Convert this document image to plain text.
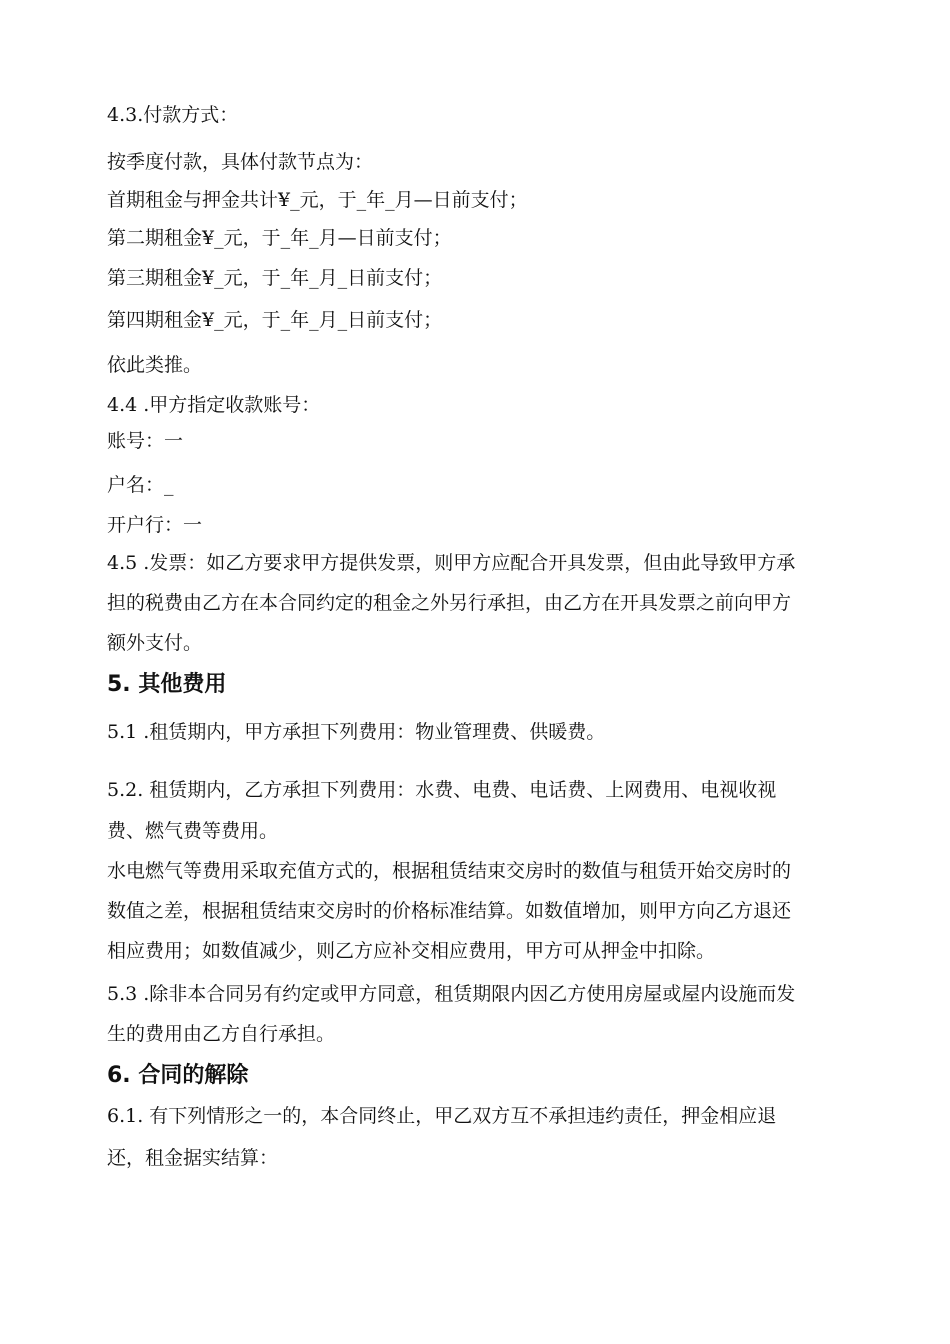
4.3.付款方式：
按季度付款，具体付款节点为：
首期租金与押金共计¥_元，于_年_月—日前支付；
第二期租金¥_元，于_年_月—日前支付；
第三期租金¥_元，于_年_月_日前支付；
第四期租金¥_元，于_年_月_日前支付；
依此类推。
4.4 .甲方指定收款账号：
账号：一
户名：_
开户行：一
4.5 .发票：如乙方要求甲方提供发票，则甲方应配合开具发票，但由此导致甲方承
担的税费由乙方在本合同约定的租金之外另行承担，由乙方在开具发票之前向甲方
额外支付。
5. 其他费用
5.1 .租赁期内，甲方承担下列费用：物业管理费、供暖费。
5.2. 租赁期内，乙方承担下列费用：水费、电费、电话费、上网费用、电视收视
费、燃气费等费用。
水电燃气等费用采取充值方式的，根据租赁结束交房时的数值与租赁开始交房时的
数值之差，根据租赁结束交房时的价格标准结算。如数值增加，则甲方向乙方退还
相应费用；如数值减少，则乙方应补交相应费用，甲方可从押金中扣除。
5.3 .除非本合同另有约定或甲方同意，租赁期限内因乙方使用房屋或屋内设施而发
生的费用由乙方自行承担。
6. 合同的解除
6.1. 有下列情形之一的，本合同终止，甲乙双方互不承担违约责任，押金相应退
还，租金据实结算：
